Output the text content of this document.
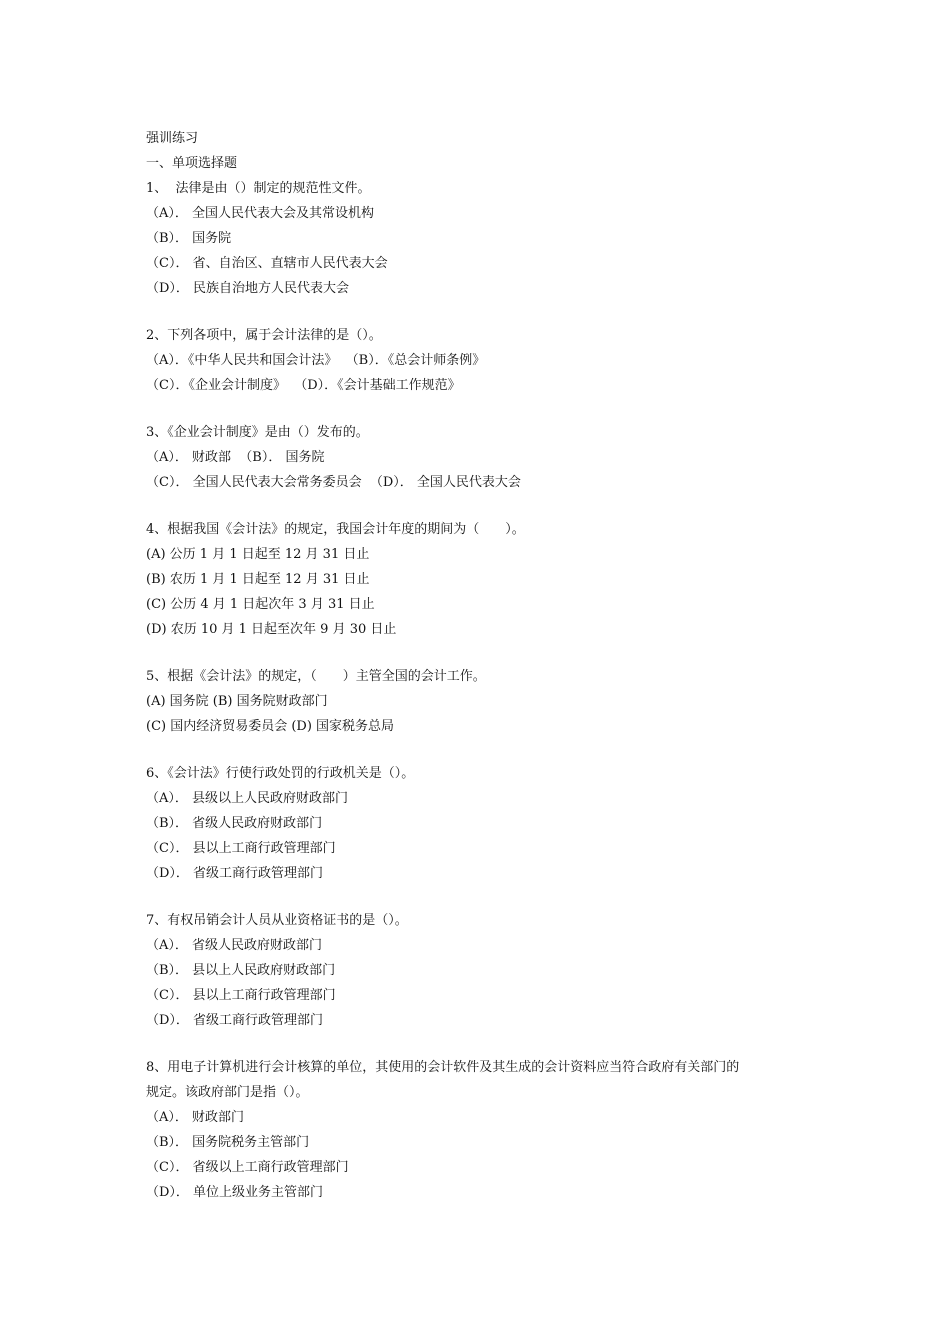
强训练习
一、单项选择题
1、  法律是由（）制定的规范性文件。
（A）． 全国人民代表大会及其常设机构
（B）． 国务院
（C）． 省、自治区、直辖市人民代表大会
（D）． 民族自治地方人民代表大会
2、下列各项中，属于会计法律的是（）。
（A）．《中华人民共和国会计法》  （B）．《总会计师条例》
（C）．《企业会计制度》  （D）．《会计基础工作规范》
3、《企业会计制度》是由（）发布的。
（A）． 财政部  （B）． 国务院
（C）． 全国人民代表大会常务委员会  （D）． 全国人民代表大会
4、根据我国《会计法》的规定，我国会计年度的期间为（　　）。
(A) 公历 1 月 1 日起至 12 月 31 日止
(B) 农历 1 月 1 日起至 12 月 31 日止
(C) 公历 4 月 1 日起次年 3 月 31 日止
(D) 农历 10 月 1 日起至次年 9 月 30 日止
5、根据《会计法》的规定，（　　）主管全国的会计工作。
(A) 国务院 (B) 国务院财政部门
(C) 国内经济贸易委员会 (D) 国家税务总局
6、《会计法》行使行政处罚的行政机关是（）。
（A）． 县级以上人民政府财政部门
（B）． 省级人民政府财政部门
（C）． 县以上工商行政管理部门
（D）． 省级工商行政管理部门
7、有权吊销会计人员从业资格证书的是（）。
（A）． 省级人民政府财政部门
（B）． 县以上人民政府财政部门
（C）． 县以上工商行政管理部门
（D）． 省级工商行政管理部门
8、用电子计算机进行会计核算的单位，其使用的会计软件及其生成的会计资料应当符合政府有关部门的
规定。该政府部门是指（）。
（A）． 财政部门
（B）． 国务院税务主管部门
（C）． 省级以上工商行政管理部门
（D）． 单位上级业务主管部门
